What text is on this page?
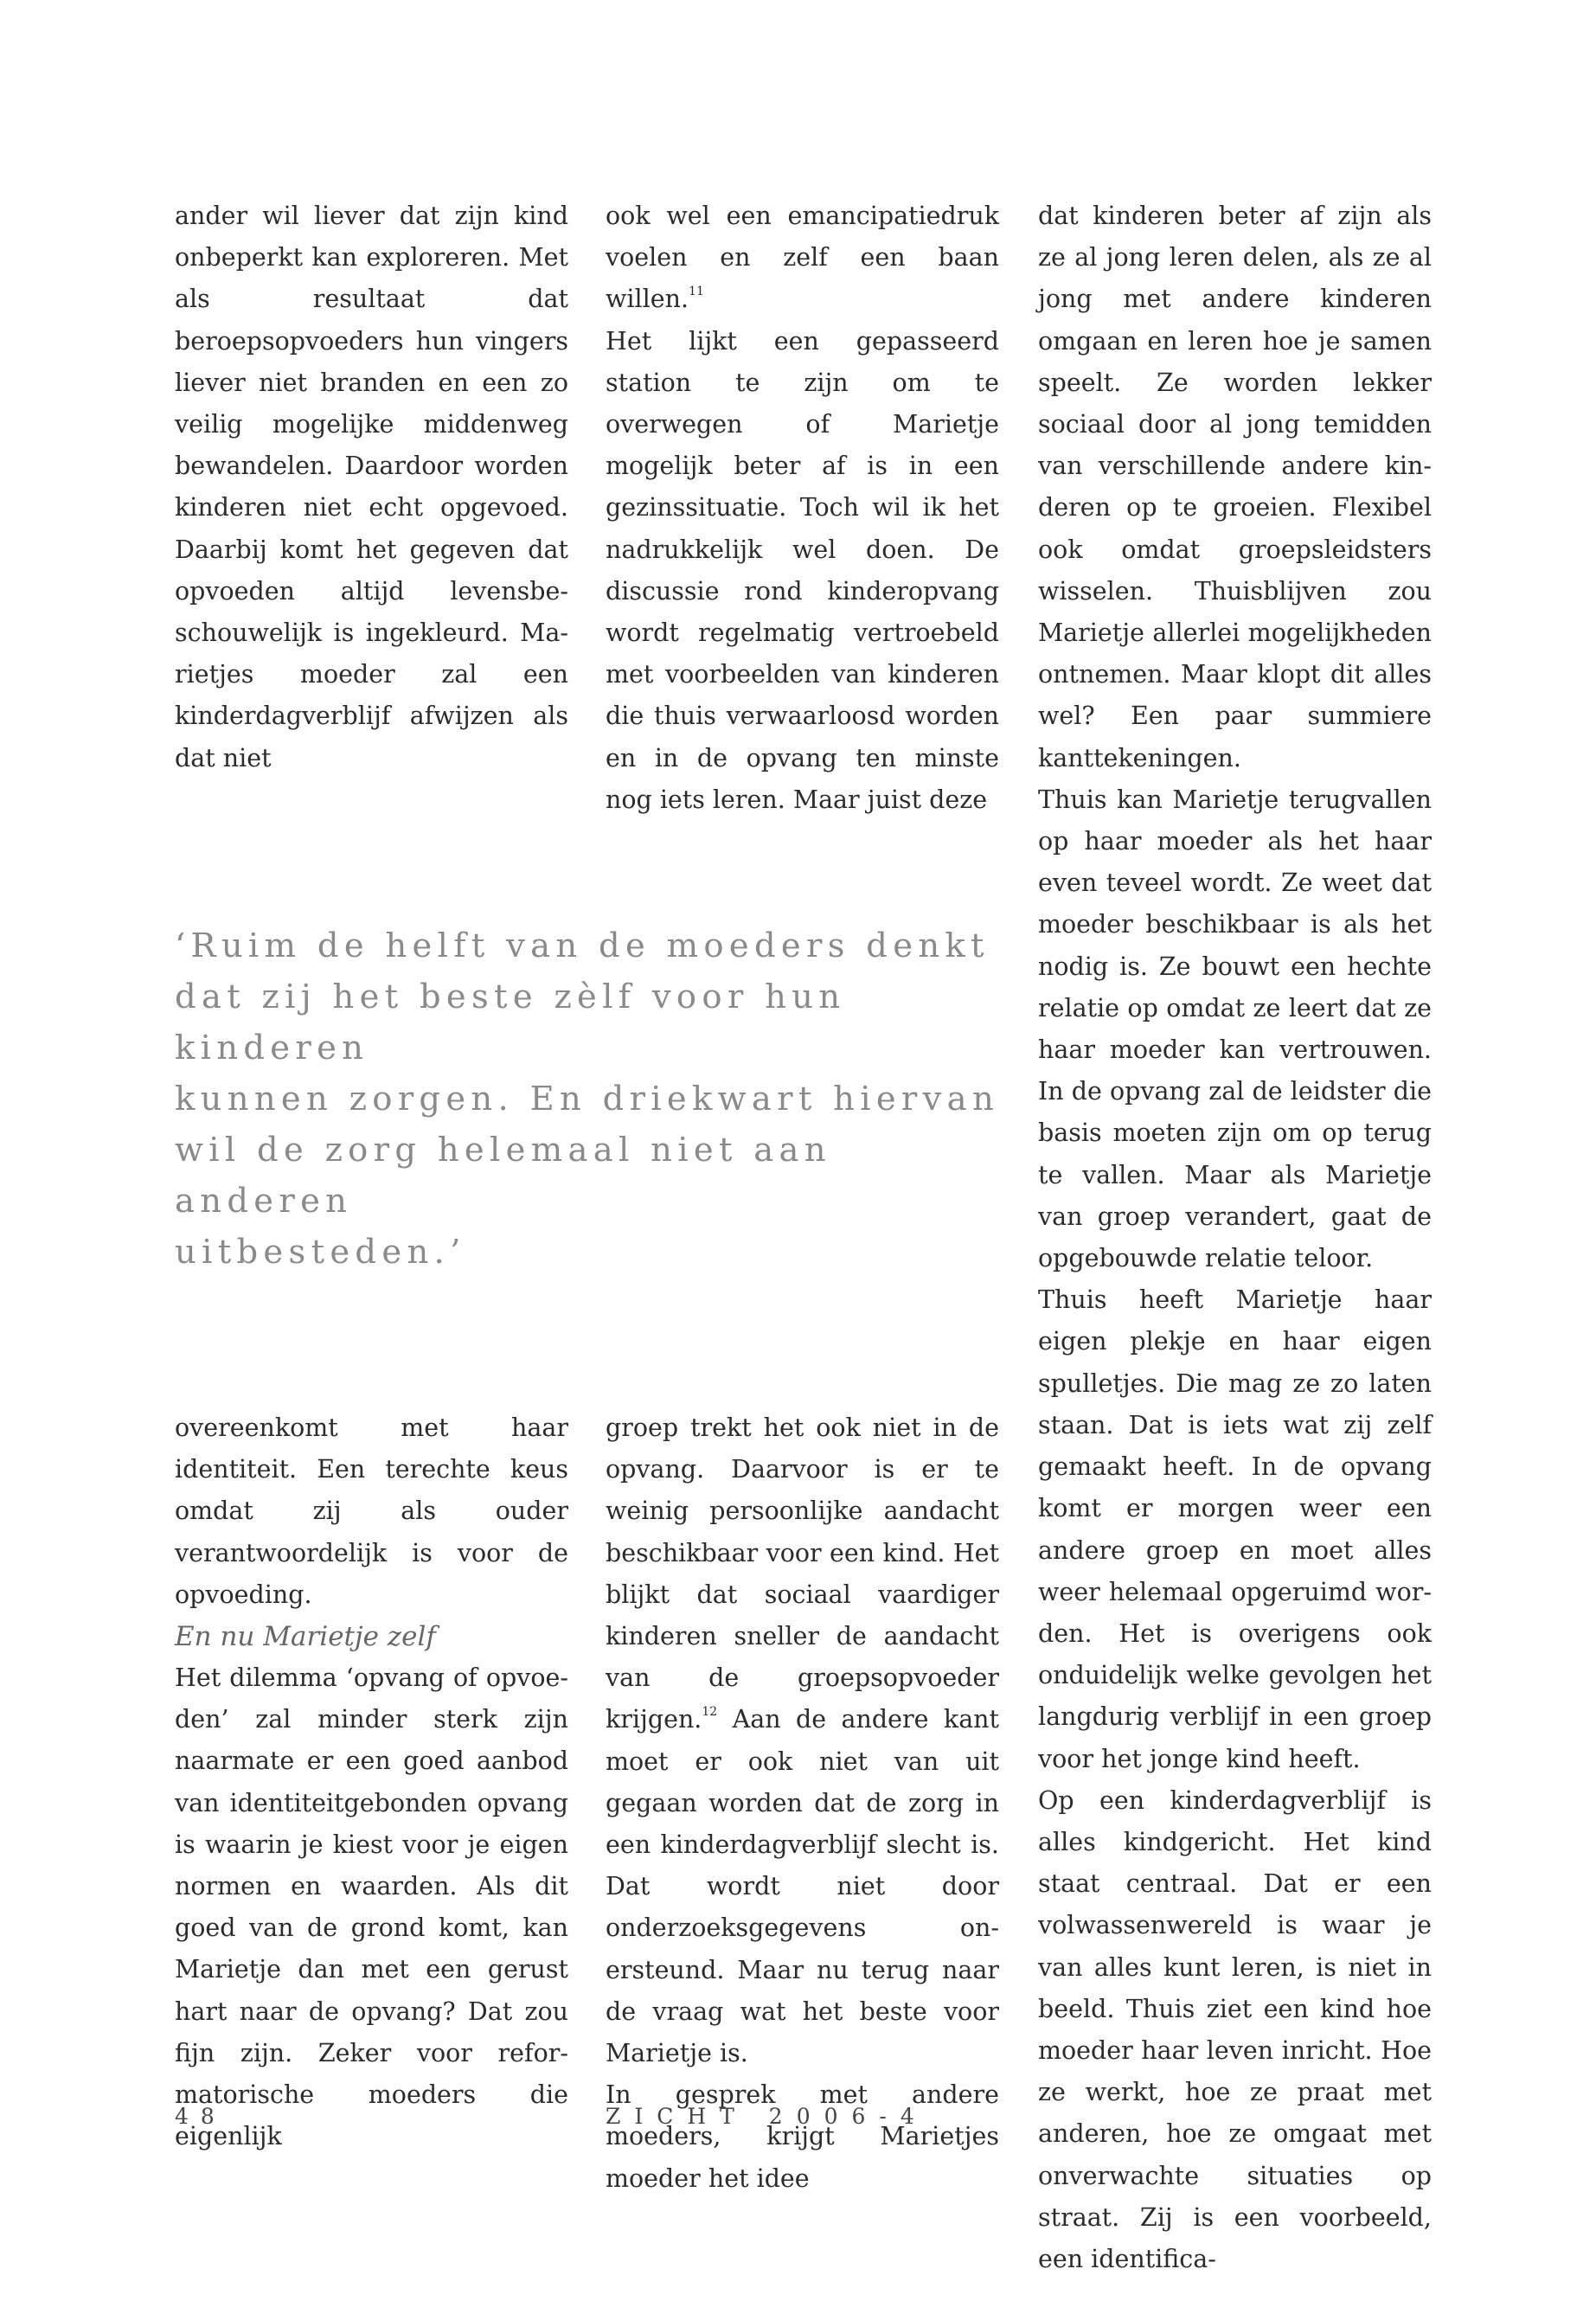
ander wil liever dat zijn kind onbeperkt kan exploreren. Met als resultaat dat beroepsopvoeders hun vingers liever niet branden en een zo veilig mogelijke middenweg bewandelen. Daardoor worden kinderen niet echt opgevoed. Daarbij komt het gegeven dat opvoeden altijd levensbeschouwelijk is ingekleurd. Marietjes moeder zal een kinderdagverblijf afwijzen als dat niet

ook wel een emancipatiedruk voelen en zelf een baan willen.$^{11}$

Het lijkt een gepasseerd station te zijn om te overwegen of Marietje mogelijk beter af is in een gezinssituatie. Toch wil ik het nadrukkelijk wel doen. De discussie rond kinderopvang wordt regelmatig vertroebeld met voorbeelden van kinderen die thuis verwaarloosd worden en in de opvang ten minste nog iets leren. Maar juist deze

dat kinderen beter af zijn als ze al jong leren delen, als ze al jong met andere kinderen omgaan en leren hoe je samen speelt. Ze worden lekker sociaal door al jong temidden van verschillende andere kinderen op te groeien. Flexibel ook omdat groepsleidsters wisselen. Thuisblijven zou Marietje allerlei mogelijkheden ontnemen. Maar klopt dit alles wel? Een paar summiere kanttekeningen.

Thuis kan Marietje terugvallen op haar moeder als het haar even teveel wordt. Ze weet dat moeder beschikbaar is als het nodig is. Ze bouwt een hechte relatie op omdat ze leert dat ze haar moeder kan vertrouwen. In de opvang zal de leidster die basis moeten zijn om op terug te vallen. Maar als Marietje van groep verandert, gaat de opgebouwde relatie teloor.

Thuis heeft Marietje haar eigen plekje en haar eigen spulletjes. Die mag ze zo laten staan. Dat is iets wat zij zelf gemaakt heeft. In de opvang komt er morgen weer een andere groep en moet alles weer helemaal opgeruimd worden. Het is overigens ook onduidelijk welke gevolgen het langdurig verblijf in een groep voor het jonge kind heeft.

Op een kinderdagverblijf is alles kindgericht. Het kind staat centraal. Dat er een volwassenwereld is waar je van alles kunt leren, is niet in beeld. Thuis ziet een kind hoe moeder haar leven inricht. Hoe ze werkt, hoe ze praat met anderen, hoe ze omgaat met onverwachte situaties op straat. Zij is een voorbeeld, een identifica-

‘Ruim de helft van de moeders denkt
dat zij het beste zèlf voor hun kinderen
kunnen zorgen. En driekwart hiervan
wil de zorg helemaal niet aan anderen
uitbesteden.’

overeenkomt met haar identiteit. Een terechte keus omdat zij als ouder verantwoordelijk is voor de opvoeding.

En nu Marietje zelf

Het dilemma ‘opvang of opvoeden’ zal minder sterk zijn naarmate er een goed aanbod van identiteitgebonden opvang is waarin je kiest voor je eigen normen en waarden. Als dit goed van de grond komt, kan Marietje dan met een gerust hart naar de opvang? Dat zou fijn zijn. Zeker voor reformatorische moeders die eigenlijk

groep trekt het ook niet in de opvang. Daarvoor is er te weinig persoonlijke aandacht beschikbaar voor een kind. Het blijkt dat sociaal vaardiger kinderen sneller de aandacht van de groepsopvoeder krijgen.$^{12}$ Aan de andere kant moet er ook niet van uit gegaan worden dat de zorg in een kinderdagverblijf slecht is. Dat wordt niet door onderzoeksgegevens onersteund. Maar nu terug naar de vraag wat het beste voor Marietje is.

In gesprek met andere moeders, krijgt Marietjes moeder het idee

48	ZICHT 2006-4
